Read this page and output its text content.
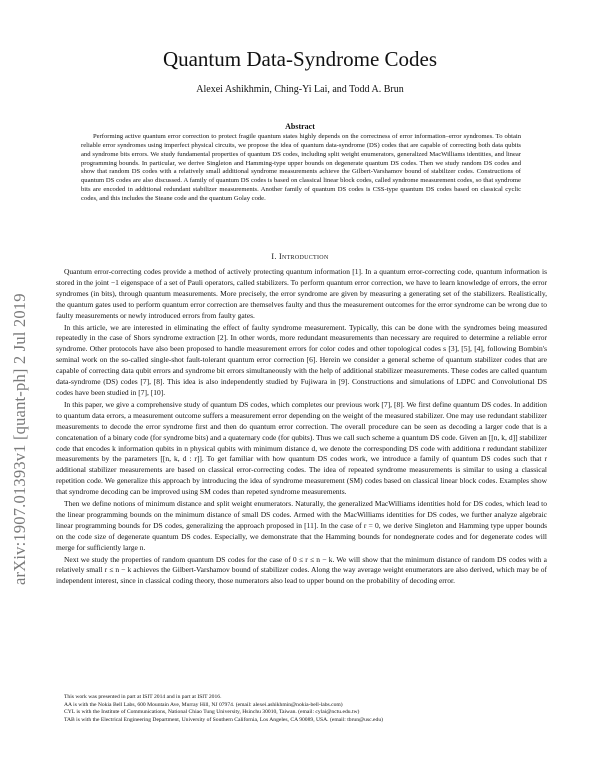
arXiv:1907.01393v1 [quant-ph] 2 Jul 2019
Quantum Data-Syndrome Codes
Alexei Ashikhmin, Ching-Yi Lai, and Todd A. Brun
Abstract

Performing active quantum error correction to protect fragile quantum states highly depends on the correctness of error information–error syndromes. To obtain reliable error syndromes using imperfect physical circuits, we propose the idea of quantum data-syndrome (DS) codes that are capable of correcting both data qubits and syndrome bits errors. We study fundamental properties of quantum DS codes, including split weight enumerators, generalized MacWilliams identities, and linear programming bounds. In particular, we derive Singleton and Hamming-type upper bounds on degenerate quantum DS codes. Then we study random DS codes and show that random DS codes with a relatively small additional syndrome measurements achieve the Gilbert-Varshamov bound of stabilizer codes. Constructions of quantum DS codes are also discussed. A family of quantum DS codes is based on classical linear block codes, called syndrome measurement codes, so that syndrome bits are encoded in additional redundant stabilizer measurements. Another family of quantum DS codes is CSS-type quantum DS codes based on classical cyclic codes, and this includes the Steane code and the quantum Golay code.

I. Introduction

Quantum error-correcting codes provide a method of actively protecting quantum information [1]. In a quantum error-correcting code, quantum information is stored in the joint −1 eigenspace of a set of Pauli operators, called stabilizers. To perform quantum error correction, we have to learn knowledge of errors, the error syndromes (in bits), through quantum measurements. More precisely, the error syndrome are given by measuring a generating set of the stabilizers. Realistically, the quantum gates used to perform quantum error correction are themselves faulty and thus the measurement outcomes for the error syndrome can be wrong due to faulty measurements or newly introduced errors from faulty gates.

In this article, we are interested in eliminating the effect of faulty syndrome measurement. Typically, this can be done with the syndromes being measured repeatedly in the case of Shors syndrome extraction [2]. In other words, more redundant measurements than necessary are required to determine a reliable error syndrome. Other protocols have also been proposed to handle measurement errors for color codes and other topological codes s [3], [5], [4], following Bombin's seminal work on the so-called single-shot fault-tolerant quantum error correction [6]. Herein we consider a general scheme of quantum stabilizer codes that are capable of correcting data qubit errors and syndrome bit errors simultaneously with the help of additional stabilizer measurements. These codes are called quantum data-syndrome (DS) codes [7], [8]. This idea is also independently studied by Fujiwara in [9]. Constructions and simulations of LDPC and Convolutional DS codes have been studied in [7], [10].

In this paper, we give a comprehensive study of quantum DS codes, which completes our previous work [7], [8]. We first define quantum DS codes. In addition to quantum data errors, a measurement outcome suffers a measurement error depending on the weight of the measured stabilizer. One may use redundant stabilizer measurements to decode the error syndrome first and then do quantum error correction. The overall procedure can be seen as decoding a larger code that is a concatenation of a binary code (for syndrome bits) and a quaternary code (for qubits). Thus we call such scheme a quantum DS code. Given an [[n, k, d]] stabilizer code that encodes k information qubits in n physical qubits with minimum distance d, we denote the corresponding DS code with additiona r redundant stabilizer measurements by the parameters [[n, k, d : r]]. To get familiar with how quantum DS codes work, we introduce a family of quantum DS codes such that r additional stabilizer measurements are based on classical error-correcting codes. The idea of repeated syndrome measurements is similar to using a classical repetition code. We generalize this approach by introducing the idea of syndrome measurement (SM) codes based on classical linear block codes. Examples show that syndrome decoding can be improved using SM codes than repeted syndrome measurements.

Then we define notions of minimum distance and split weight enumerators. Naturally, the generalized MacWilliams identities hold for DS codes, which lead to the linear programming bounds on the minimum distance of small DS codes. Armed with the MacWilliams identities for DS codes, we further analyze algebraic linear programming bounds for DS codes, generalizing the approach proposed in [11]. In the case of r = 0, we derive Singleton and Hamming type upper bounds on the code size of degenerate quantum DS codes. Especially, we demonstrate that the Hamming bounds for nondegnerate codes and for degenerate codes will merge for sufficiently large n.

Next we study the properties of random quantum DS codes for the case of 0 ≤ r ≤ n − k. We will show that the minimum distance of random DS codes with a relatively small r ≤ n − k achieves the Gilbert-Varshamov bound of stabilizer codes. Along the way average weight enumerators are also derived, which may be of independent interest, since in classical coding theory, those numerators also lead to upper bound on the probability of decoding error.

This work was presented in part at ISIT 2014 and in part at ISIT 2016.
AA is with the Nokia Bell Labs, 600 Mountain Ave, Murray Hill, NJ 07974. (email: alexei.ashikhmin@nokia-bell-labs.com)
CYL is with the Institute of Communications, National Chiao Tung University, Hsinchu 30010, Taiwan. (email: cylai@nctu.edu.tw)
TAB is with the Electrical Engineering Department, University of Southern California, Los Angeles, CA 90089, USA. (email: tbrun@usc.edu)
